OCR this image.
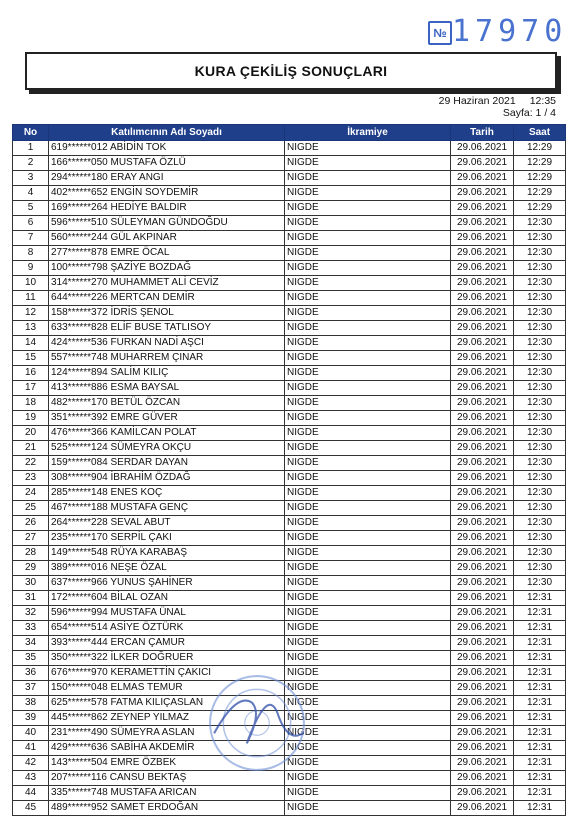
№ 17970
KURA ÇEKİLİŞ SONUÇLARI
29 Haziran 2021 12:35
Sayfa: 1 / 4
No	Katılımcının Adı Soyadı	İkramiye	Tarih	Saat
1	619******012 ABİDİN TOK	NIGDE	29.06.2021	12:29
2	166******050 MUSTAFA ÖZLÜ	NIGDE	29.06.2021	12:29
3	294******180 ERAY ANGI	NIGDE	29.06.2021	12:29
4	402******652 ENGİN SOYDEMİR	NIGDE	29.06.2021	12:29
5	169******264 HEDİYE BALDIR	NIGDE	29.06.2021	12:29
6	596******510 SÜLEYMAN GÜNDOĞDU	NIGDE	29.06.2021	12:30
7	560******244 GÜL AKPINAR	NIGDE	29.06.2021	12:30
8	277******878 EMRE ÖCAL	NIGDE	29.06.2021	12:30
9	100******798 ŞAZİYE BOZDAĞ	NIGDE	29.06.2021	12:30
10	314******270 MUHAMMET ALİ CEVİZ	NIGDE	29.06.2021	12:30
11	644******226 MERTCAN DEMİR	NIGDE	29.06.2021	12:30
12	158******372 İDRİS ŞENOL	NIGDE	29.06.2021	12:30
13	633******828 ELİF BUSE TATLISOY	NIGDE	29.06.2021	12:30
14	424******536 FURKAN NADİ AŞCI	NIGDE	29.06.2021	12:30
15	557******748 MUHARREM ÇINAR	NIGDE	29.06.2021	12:30
16	124******894 SALİM KILIÇ	NIGDE	29.06.2021	12:30
17	413******886 ESMA BAYSAL	NIGDE	29.06.2021	12:30
18	482******170 BETÜL ÖZCAN	NIGDE	29.06.2021	12:30
19	351******392 EMRE GÜVER	NIGDE	29.06.2021	12:30
20	476******366 KAMİLCAN POLAT	NIGDE	29.06.2021	12:30
21	525******124 SÜMEYRA OKÇU	NIGDE	29.06.2021	12:30
22	159******084 SERDAR DAYAN	NIGDE	29.06.2021	12:30
23	308******904 İBRAHİM ÖZDAĞ	NIGDE	29.06.2021	12:30
24	285******148 ENES KOÇ	NIGDE	29.06.2021	12:30
25	467******188 MUSTAFA GENÇ	NIGDE	29.06.2021	12:30
26	264******228 SEVAL ABUT	NIGDE	29.06.2021	12:30
27	235******170 SERPİL ÇAKI	NIGDE	29.06.2021	12:30
28	149******548 RÜYA KARABAŞ	NIGDE	29.06.2021	12:30
29	389******016 NEŞE ÖZAL	NIGDE	29.06.2021	12:30
30	637******966 YUNUS ŞAHİNER	NIGDE	29.06.2021	12:30
31	172******604 BİLAL OZAN	NIGDE	29.06.2021	12:31
32	596******994 MUSTAFA ÜNAL	NIGDE	29.06.2021	12:31
33	654******514 ASİYE ÖZTÜRK	NIGDE	29.06.2021	12:31
34	393******444 ERCAN ÇAMUR	NIGDE	29.06.2021	12:31
35	350******322 İLKER DOĞRUER	NIGDE	29.06.2021	12:31
36	676******970 KERAMETTİN ÇAKICI	NIGDE	29.06.2021	12:31
37	150******048 ELMAS TEMUR	NIGDE	29.06.2021	12:31
38	625******578 FATMA KILIÇASLAN	NIGDE	29.06.2021	12:31
39	445******862 ZEYNEP YILMAZ	NIGDE	29.06.2021	12:31
40	231******490 SÜMEYRA ASLAN	NIGDE	29.06.2021	12:31
41	429******636 SABİHA AKDEMİR	NIGDE	29.06.2021	12:31
42	143******504 EMRE ÖZBEK	NIGDE	29.06.2021	12:31
43	207******116 CANSU BEKTAŞ	NIGDE	29.06.2021	12:31
44	335******748 MUSTAFA ARICAN	NIGDE	29.06.2021	12:31
45	489******952 SAMET ERDOĞAN	NIGDE	29.06.2021	12:31
